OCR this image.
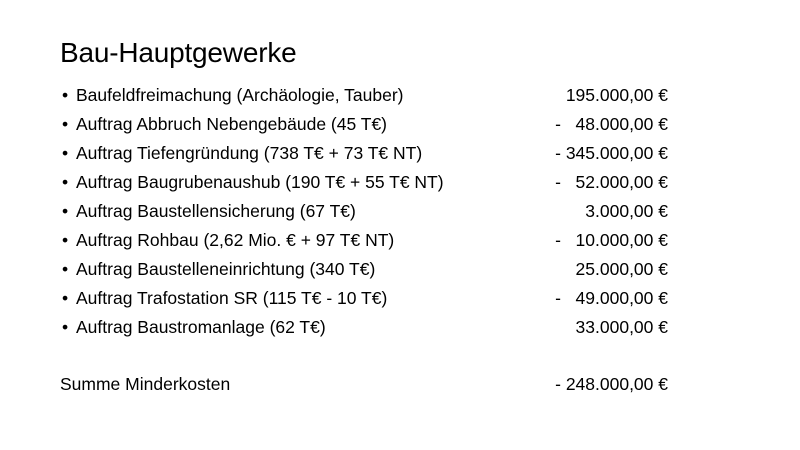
Bau-Hauptgewerke
• Baufeldfreimachung (Archäologie, Tauber)	195.000,00 €
• Auftrag Abbruch Nebengebäude (45 T€)	-   48.000,00 €
• Auftrag Tiefengründung (738 T€ + 73 T€ NT)	- 345.000,00 €
• Auftrag Baugrubenaushub (190 T€ + 55 T€ NT)	-   52.000,00 €
• Auftrag Baustellensicherung (67 T€)	3.000,00 €
• Auftrag Rohbau (2,62 Mio. € + 97 T€ NT)	-   10.000,00 €
• Auftrag Baustelleneinrichtung (340 T€)	25.000,00 €
• Auftrag Trafostation SR (115 T€ - 10 T€)	-   49.000,00 €
• Auftrag Baustromanlage (62 T€)	33.000,00 €
Summe Minderkosten	- 248.000,00 €
